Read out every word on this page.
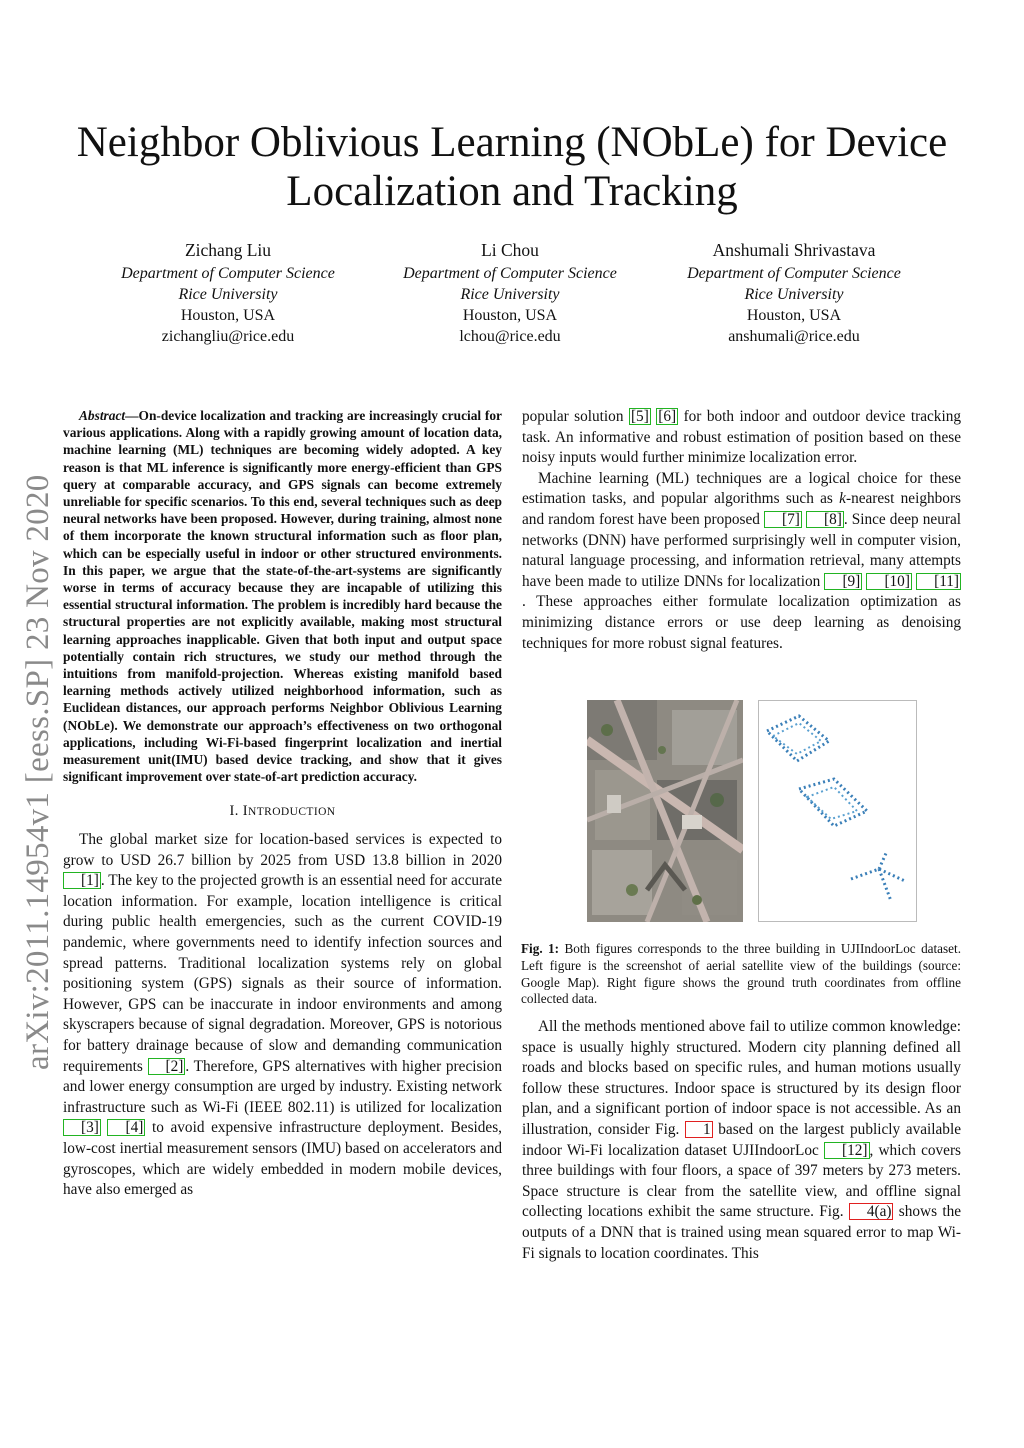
arXiv:2011.14954v1 [eess.SP] 23 Nov 2020
Neighbor Oblivious Learning (NObLe) for Device
Localization and Tracking
Zichang Liu
Department of Computer Science
Rice University
Houston, USA
zichangliu@rice.edu
Li Chou
Department of Computer Science
Rice University
Houston, USA
lchou@rice.edu
Anshumali Shrivastava
Department of Computer Science
Rice University
Houston, USA
anshumali@rice.edu

Abstract—On-device localization and tracking are increasingly crucial for various applications. Along with a rapidly growing amount of location data, machine learning (ML) techniques are becoming widely adopted. A key reason is that ML inference is significantly more energy-efficient than GPS query at comparable accuracy, and GPS signals can become extremely unreliable for specific scenarios. To this end, several techniques such as deep neural networks have been proposed. However, during training, almost none of them incorporate the known structural information such as floor plan, which can be especially useful in indoor or other structured environments. In this paper, we argue that the state-of-the-art-systems are significantly worse in terms of accuracy because they are incapable of utilizing this essential structural information. The problem is incredibly hard because the structural properties are not explicitly available, making most structural learning approaches inapplicable. Given that both input and output space potentially contain rich structures, we study our method through the intuitions from manifold-projection. Whereas existing manifold based learning methods actively utilized neighborhood information, such as Euclidean distances, our approach performs Neighbor Oblivious Learning (NObLe). We demonstrate our approach’s effectiveness on two orthogonal applications, including Wi-Fi-based fingerprint localization and inertial measurement unit(IMU) based device tracking, and show that it gives significant improvement over state-of-art prediction accuracy.

I. INTRODUCTION

The global market size for location-based services is expected to grow to USD 26.7 billion by 2025 from USD 13.8 billion in 2020 [1] . The key to the projected growth is an essential need for accurate location information. For example, location intelligence is critical during public health emergencies, such as the current COVID-19 pandemic, where governments need to identify infection sources and spread patterns. Traditional localization systems rely on global positioning system (GPS) signals as their source of information. However, GPS can be inaccurate in indoor environments and among skyscrapers because of signal degradation. Moreover, GPS is notorious for battery drainage because of slow and demanding communication requirements [2] . Therefore, GPS alternatives with higher precision and lower energy consumption are urged by industry. Existing network infrastructure such as Wi-Fi (IEEE 802.11) is utilized for localization [3] [4] to avoid expensive infrastructure deployment. Besides, low-cost inertial measurement sensors (IMU) based on accelerators and gyroscopes, which are widely embedded in modern mobile devices, have also emerged as

popular solution [5] [6] for both indoor and outdoor device tracking task. An informative and robust estimation of position based on these noisy inputs would further minimize localization error.

Machine learning (ML) techniques are a logical choice for these estimation tasks, and popular algorithms such as k-nearest neighbors and random forest have been proposed [7] [8] . Since deep neural networks (DNN) have performed surprisingly well in computer vision, natural language processing, and information retrieval, many attempts have been made to utilize DNNs for localization [9] [10] [11]. These approaches either formulate localization optimization as minimizing distance errors or use deep learning as denoising techniques for more robust signal features.

Fig. 1: Both figures corresponds to the three building in UJIIndoorLoc dataset. Left figure is the screenshot of aerial satellite view of the buildings (source: Google Map). Right figure shows the ground truth coordinates from offline collected data.

All the methods mentioned above fail to utilize common knowledge: space is usually highly structured. Modern city planning defined all roads and blocks based on specific rules, and human motions usually follow these structures. Indoor space is structured by its design floor plan, and a significant portion of indoor space is not accessible. As an illustration, consider Fig. 1 based on the largest publicly available indoor Wi-Fi localization dataset UJIIndoorLoc [12] , which covers three buildings with four floors, a space of 397 meters by 273 meters. Space structure is clear from the satellite view, and offline signal collecting locations exhibit the same structure. Fig. 4(a) shows the outputs of a DNN that is trained using mean squared error to map Wi-Fi signals to location coordinates. This
